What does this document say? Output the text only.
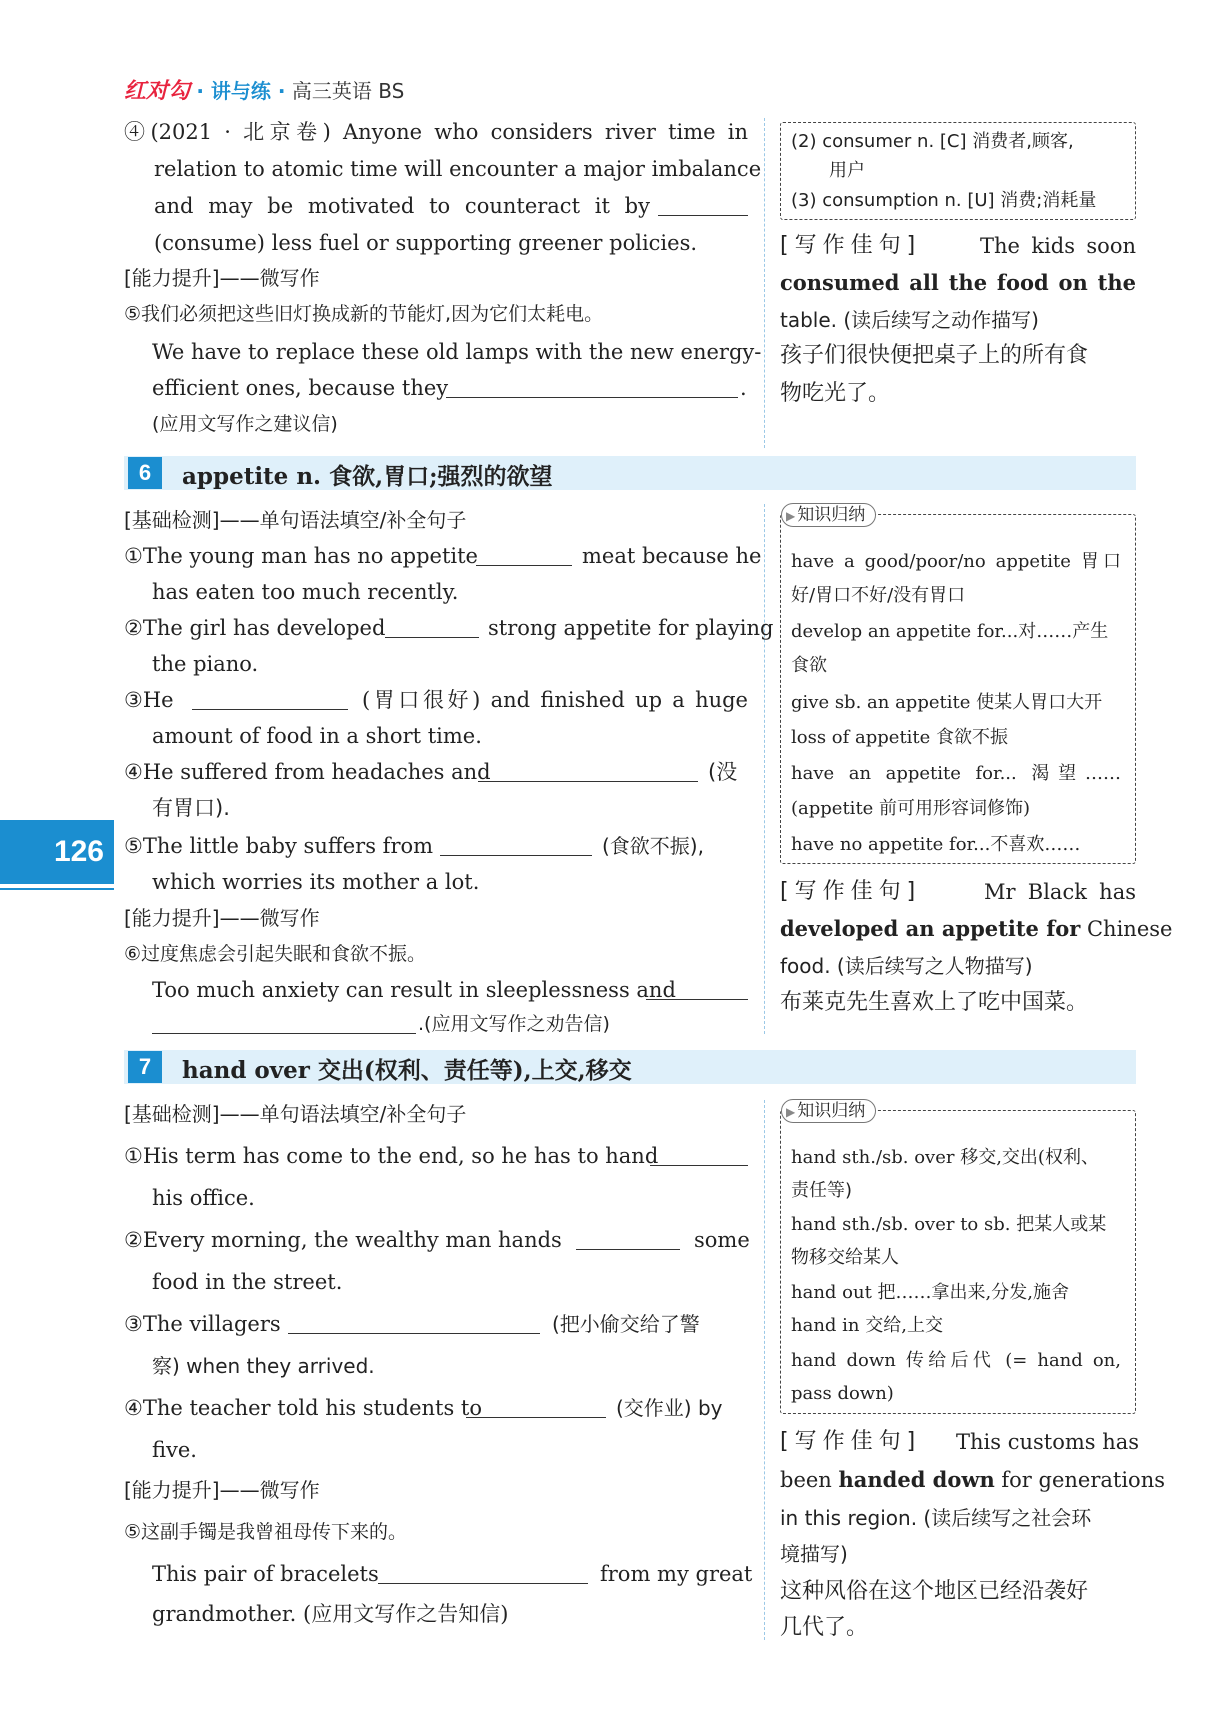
红对勾 · 讲与练 · 高三英语 BS
126
④(2021 · 北京卷) Anyone who considers river time in
relation to atomic time will encounter a major imbalance
and may be motivated to counteract it by
(consume) less fuel or supporting greener policies.
[能力提升]——微写作
⑤我们必须把这些旧灯换成新的节能灯,因为它们太耗电。
We have to replace these old lamps with the new energy-
efficient ones, because they	.
(应用文写作之建议信)
(2) consumer n. [C] 消费者,顾客,
用户
(3) consumption n. [U] 消费;消耗量
[写作佳句]	The kids soon
consumed all the food on the
table. (读后续写之动作描写)
孩子们很快便把桌子上的所有食
物吃光了。
6	appetite n. 食欲,胃口;强烈的欲望
[基础检测]——单句语法填空/补全句子
①The young man has no appetite	meat because he
has eaten too much recently.
②The girl has developed	strong appetite for playing
the piano.
③He	(胃口很好) and finished up a huge
amount of food in a short time.
④He suffered from headaches and	(没
有胃口).
⑤The little baby suffers from	(食欲不振),
which worries its mother a lot.
[能力提升]——微写作
⑥过度焦虑会引起失眠和食欲不振。
Too much anxiety can result in sleeplessness and
.(应用文写作之劝告信)
▶ 知识归纳
have a good/poor/no appetite 胃口
好/胃口不好/没有胃口
develop an appetite for...对……产生
食欲
give sb. an appetite 使某人胃口大开
loss of appetite 食欲不振
have an appetite for... 渴望……
(appetite 前可用形容词修饰)
have no appetite for...不喜欢……
[写作佳句]	Mr Black has
developed an appetite for Chinese
food. (读后续写之人物描写)
布莱克先生喜欢上了吃中国菜。
7	hand over 交出(权利、责任等),上交,移交
[基础检测]——单句语法填空/补全句子
①His term has come to the end, so he has to hand
his office.
②Every morning, the wealthy man hands	some
food in the street.
③The villagers	(把小偷交给了警
察) when they arrived.
④The teacher told his students to	(交作业) by
five.
[能力提升]——微写作
⑤这副手镯是我曾祖母传下来的。
This pair of bracelets	from my great
grandmother. (应用文写作之告知信)
▶ 知识归纳
hand sth./sb. over 移交,交出(权利、
责任等)
hand sth./sb. over to sb. 把某人或某
物移交给某人
hand out 把……拿出来,分发,施舍
hand in 交给,上交
hand down 传给后代 (= hand on,
pass down)
[写作佳句] This customs has
been handed down for generations
in this region. (读后续写之社会环
境描写)
这种风俗在这个地区已经沿袭好
几代了。
